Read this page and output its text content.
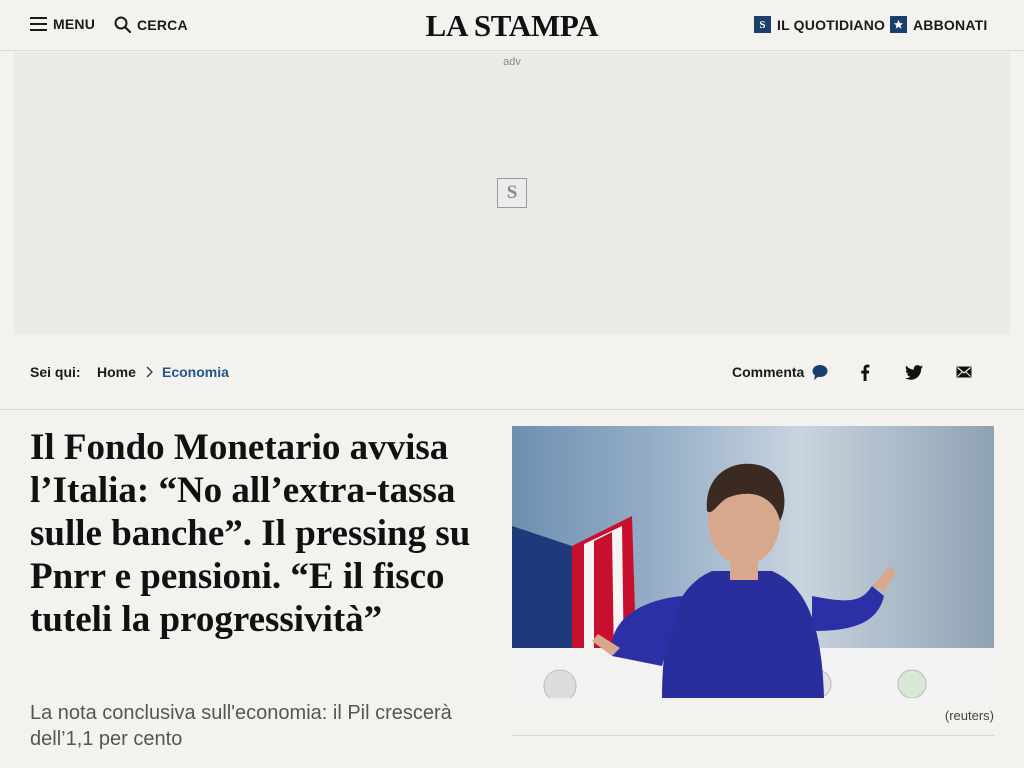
MENU	CERCA	LA STAMPA	S IL QUOTIDIANO ABBONATI
adv
S
Sei qui: Home Economia	Commenta
Il Fondo Monetario avvisa l’Italia: “No all’extra-tassa sulle banche”. Il pressing su Pnrr e pensioni. “E il fisco tuteli la progressività”

La nota conclusiva sull'economia: il Pil crescerà dell’1,1 per cento

(reuters)
